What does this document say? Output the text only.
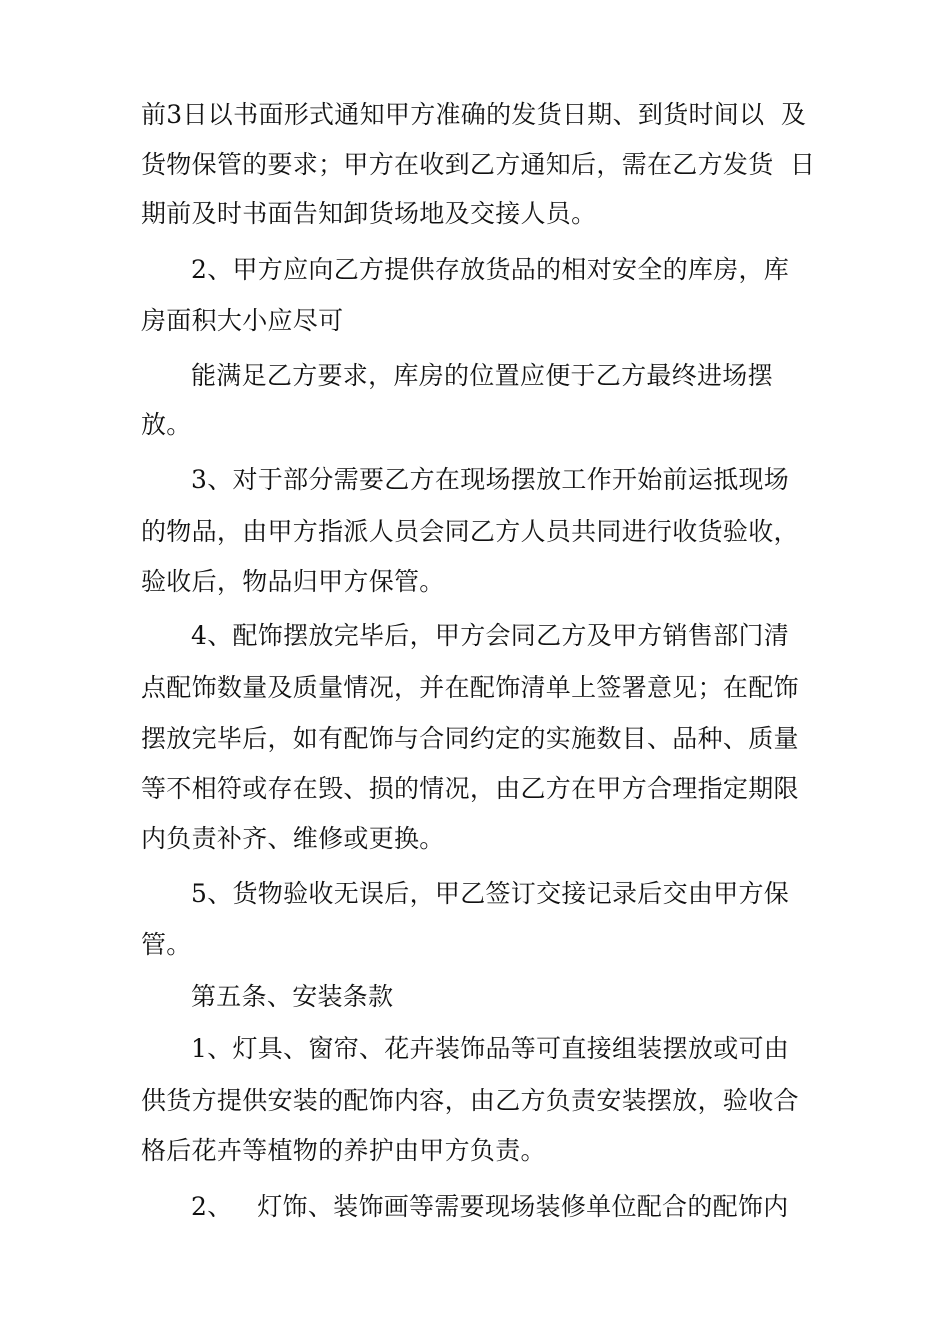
前3日以书面形式通知甲方准确的发货日期、到货时间以  及
货物保管的要求；甲方在收到乙方通知后，需在乙方发货  日
期前及时书面告知卸货场地及交接人员。
2、甲方应向乙方提供存放货品的相对安全的库房，库
房面积大小应尽可
能满足乙方要求，库房的位置应便于乙方最终进场摆
放。
3、对于部分需要乙方在现场摆放工作开始前运抵现场
的物品，由甲方指派人员会同乙方人员共同进行收货验收，
验收后，物品归甲方保管。
4、配饰摆放完毕后，甲方会同乙方及甲方销售部门清
点配饰数量及质量情况，并在配饰清单上签署意见；在配饰
摆放完毕后，如有配饰与合同约定的实施数目、品种、质量
等不相符或存在毁、损的情况，由乙方在甲方合理指定期限
内负责补齐、维修或更换。
5、货物验收无误后，甲乙签订交接记录后交由甲方保
管。
第五条、安装条款
1、灯具、窗帘、花卉装饰品等可直接组装摆放或可由
供货方提供安装的配饰内容，由乙方负责安装摆放，验收合
格后花卉等植物的养护由甲方负责。
2、   灯饰、装饰画等需要现场装修单位配合的配饰内
